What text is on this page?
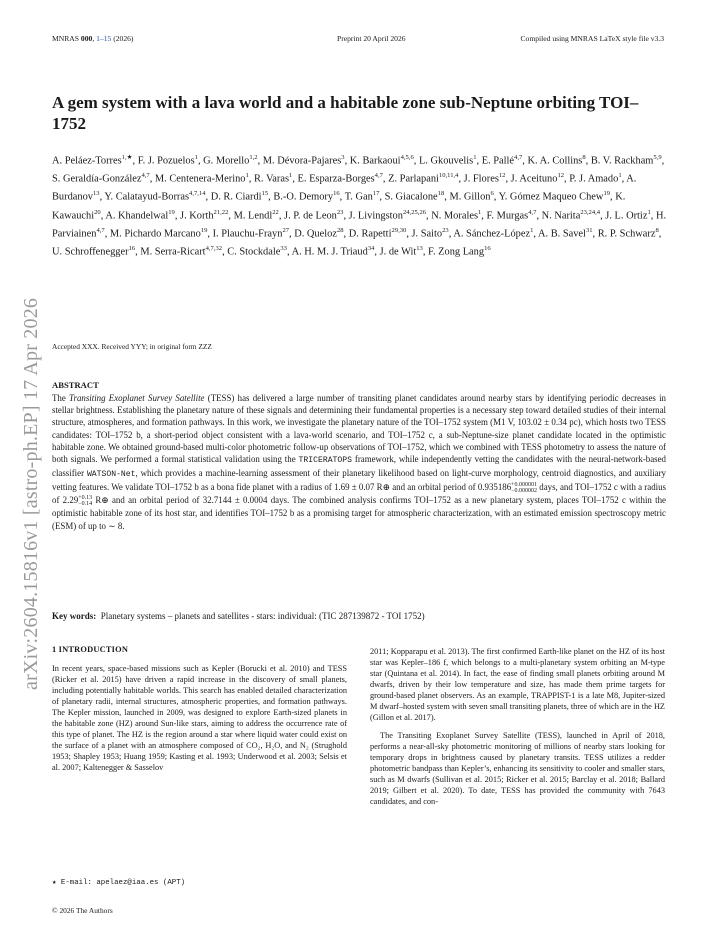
MNRAS 000, 1–15 (2026)	Preprint 20 April 2026	Compiled using MNRAS LaTeX style file v3.3
arXiv:2604.15816v1 [astro-ph.EP] 17 Apr 2026
A gem system with a lava world and a habitable zone sub-Neptune orbiting TOI–1752

A. Peláez-Torres$^{1,★}$, F. J. Pozuelos$^1$, G. Morello$^{1,2}$, M. Dévora-Pajares$^3$, K. Barkaoui$^{4,5,6}$, L. Gkouvelis$^1$, E. Pallé$^{4,7}$, K. A. Collins$^8$, B. V. Rackham$^{5,9}$, S. Geraldía-González$^{4,7}$, M. Centenera-Merino$^1$, R. Varas$^1$, E. Esparza-Borges$^{4,7}$, Z. Parlapani$^{10,11,4}$, J. Flores$^{12}$, J. Aceituno$^{12}$, P. J. Amado$^1$, A. Burdanov$^{13}$, Y. Calatayud-Borras$^{4,7,14}$, D. R. Ciardi$^{15}$, B.-O. Demory$^{16}$, T. Gan$^{17}$, S. Giacalone$^{18}$, M. Gillon$^6$, Y. Gómez Maqueo Chew$^{19}$, K. Kawauchi$^{20}$, A. Khandelwal$^{19}$, J. Korth$^{21,22}$, M. Lendl$^{22}$, J. P. de Leon$^{23}$, J. Livingston$^{24,25,26}$, N. Morales$^1$, F. Murgas$^{4,7}$, N. Narita$^{23,24,4}$, J. L. Ortiz$^1$, H. Parviainen$^{4,7}$, M. Pichardo Marcano$^{19}$, I. Plauchu-Frayn$^{27}$, D. Queloz$^{28}$, D. Rapetti$^{29,30}$, J. Saito$^{23}$, A. Sánchez-López$^1$, A. B. Savel$^{31}$, R. P. Schwarz$^8$, U. Schroffenegger$^{16}$, M. Serra-Ricart$^{4,7,32}$, C. Stockdale$^{33}$, A. H. M. J. Triaud$^{34}$, J. de Wit$^{13}$, F. Zong Lang$^{16}$

Accepted XXX. Received YYY; in original form ZZZ
ABSTRACT

The Transiting Exoplanet Survey Satellite (TESS) has delivered a large number of transiting planet candidates around nearby stars by identifying periodic decreases in stellar brightness. Establishing the planetary nature of these signals and determining their fundamental properties is a necessary step toward detailed studies of their internal structure, atmospheres, and formation pathways. In this work, we investigate the planetary nature of the TOI–1752 system (M1 V, 103.02 ± 0.34 pc), which hosts two TESS candidates: TOI–1752 b, a short-period object consistent with a lava-world scenario, and TOI–1752 c, a sub-Neptune-size planet candidate located in the optimistic habitable zone. We obtained ground-based multi-color photometric follow-up observations of TOI–1752, which we combined with TESS photometry to assess the nature of both signals. We performed a formal statistical validation using the TRICERATOPS framework, while independently vetting the candidates with the neural-network-based classifier WATSON-Net, which provides a machine-learning assessment of their planetary likelihood based on light-curve morphology, centroid diagnostics, and auxiliary vetting features. We validate TOI–1752 b as a bona fide planet with a radius of 1.69 ± 0.07 R⊕ and an orbital period of 0.935186+0.000001
−0.000002 days, and TOI–1752 c with a radius of 2.29+0.13
−0.14 R⊕ and an orbital period of 32.7144 ± 0.0004 days. The combined analysis confirms TOI–1752 as a new planetary system, places TOI–1752 c within the optimistic habitable zone of its host star, and identifies TOI–1752 b as a promising target for atmospheric characterization, with an estimated emission spectroscopy metric (ESM) of up to ∼ 8.

Key words: Planetary systems – planets and satellites - stars: individual: (TIC 287139872 - TOI 1752)
1 INTRODUCTION

In recent years, space-based missions such as Kepler (Borucki et al. 2010) and TESS (Ricker et al. 2015) have driven a rapid increase in the discovery of small planets, including potentially habitable worlds. This search has enabled detailed characterization of planetary radii, internal structures, atmospheric properties, and formation pathways. The Kepler mission, launched in 2009, was designed to explore Earth-sized planets in the habitable zone (HZ) around Sun-like stars, aiming to address the occurrence rate of this type of planet. The HZ is the region around a star where liquid water could exist on the surface of a planet with an atmosphere composed of CO₂, H₂O, and N₂ (Strughold 1953; Shapley 1953; Huang 1959; Kasting et al. 1993; Underwood et al. 2003; Selsis et al. 2007; Kaltenegger & Sasselov

2011; Kopparapu et al. 2013). The first confirmed Earth-like planet on the HZ of its host star was Kepler–186 f, which belongs to a multi-planetary system orbiting an M-type star (Quintana et al. 2014). In fact, the ease of finding small planets orbiting around M dwarfs, driven by their low temperature and size, has made them prime targets for ground-based planet observers. As an example, TRAPPIST-1 is a late M8, Jupiter-sized M dwarf–hosted system with seven small transiting planets, three of which are in the HZ (Gillon et al. 2017).

The Transiting Exoplanet Survey Satellite (TESS), launched in April of 2018, performs a near-all-sky photometric monitoring of millions of nearby stars looking for temporary drops in brightness caused by planetary transits. TESS utilizes a redder photometric bandpass than Kepler’s, enhancing its sensitivity to cooler and smaller stars, such as M dwarfs (Sullivan et al. 2015; Ricker et al. 2015; Barclay et al. 2018; Ballard 2019; Gilbert et al. 2020). To date, TESS has provided the community with 7643 candidates, and con-

★ E-mail: apelaez@iaa.es (APT)
© 2026 The Authors
